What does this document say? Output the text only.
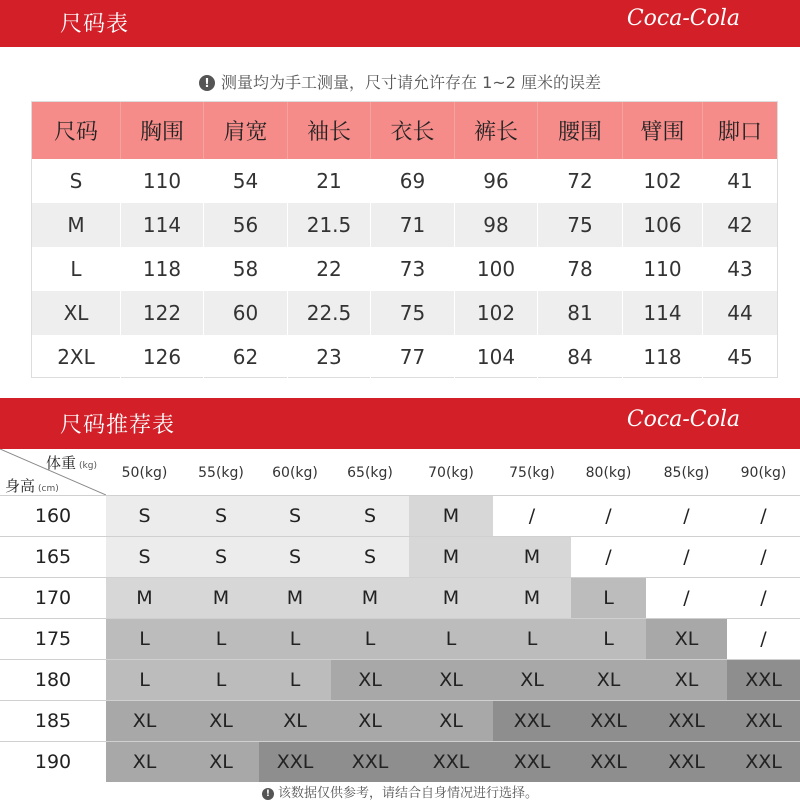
尺码表	Coca-Cola
! 测量均为手工测量，尺寸请允许存在 1~2 厘米的误差
尺码	胸围	肩宽	袖长	衣长	裤长	腰围	臂围	脚口
S	110	54	21	69	96	72	102	41
M	114	56	21.5	71	98	75	106	42
L	118	58	22	73	100	78	110	43
XL	122	60	22.5	75	102	81	114	44
2XL	126	62	23	77	104	84	118	45
尺码推荐表	Coca-Cola
体重 (kg)
身高 (cm)
50(kg)	55(kg)	60(kg)	65(kg)	70(kg)	75(kg)	80(kg)	85(kg)	90(kg)
160	S	S	S	S	M	/	/	/	/
165	S	S	S	S	M	M	/	/	/
170	M	M	M	M	M	M	L	/	/
175	L	L	L	L	L	L	L	XL	/
180	L	L	L	XL	XL	XL	XL	XL	XXL
185	XL	XL	XL	XL	XL	XXL	XXL	XXL	XXL
190	XL	XL	XXL	XXL	XXL	XXL	XXL	XXL	XXL
! 该数据仅供参考，请结合自身情况进行选择。
